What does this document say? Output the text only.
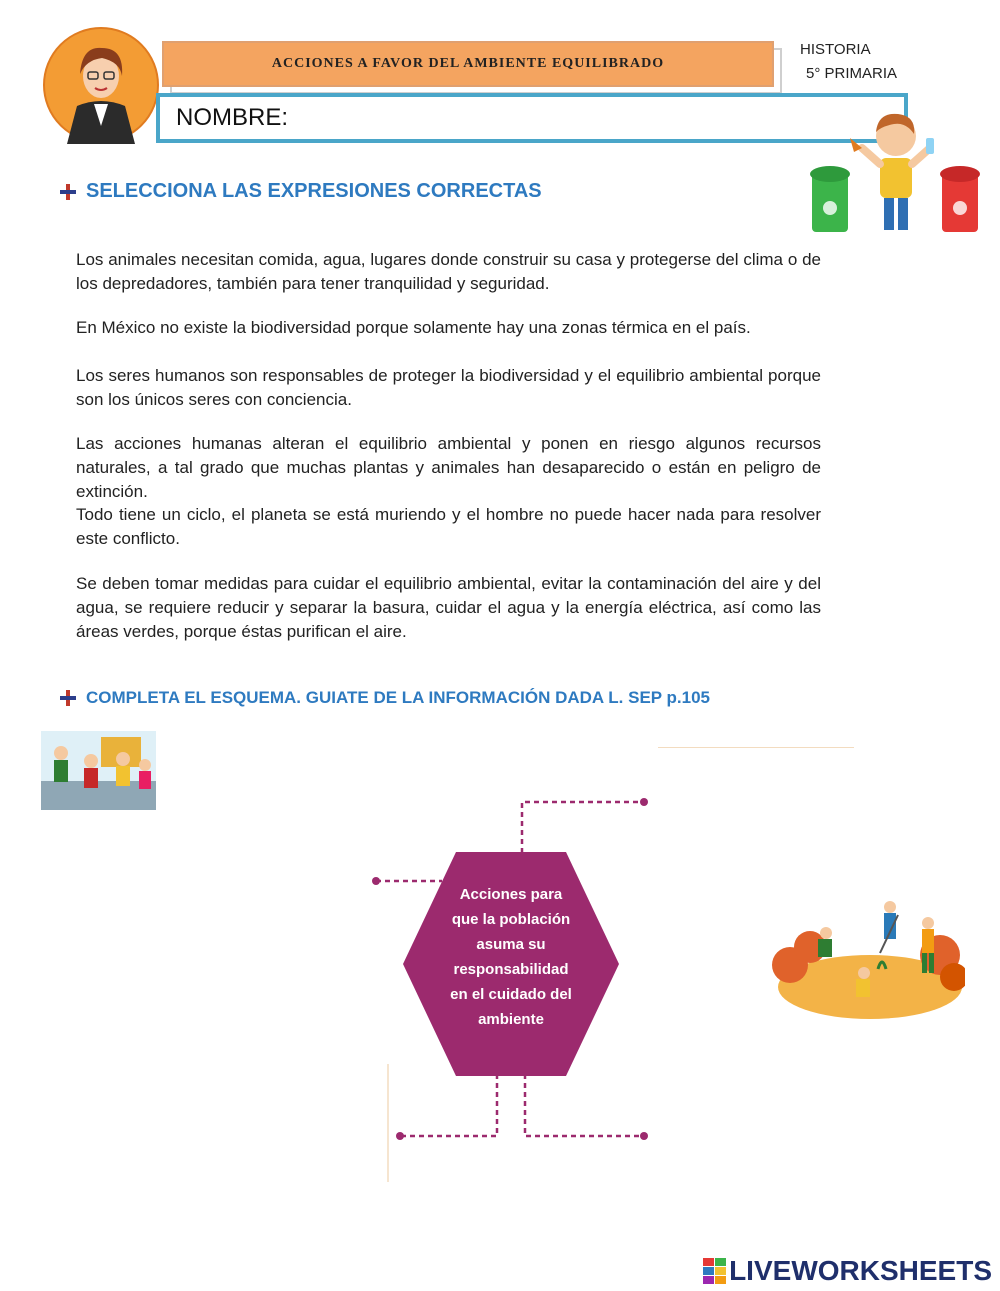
ACCIONES A FAVOR DEL AMBIENTE EQUILIBRADO
HISTORIA
5° PRIMARIA
NOMBRE:
SELECCIONA LAS EXPRESIONES CORRECTAS
Los animales necesitan comida, agua, lugares donde construir su casa y protegerse del clima o de los depredadores, también para tener tranquilidad y seguridad.
En México no existe la biodiversidad porque solamente hay una zonas térmica en el país.
Los seres humanos son responsables de proteger la biodiversidad y el equilibrio ambiental porque son los únicos seres con conciencia.
Las acciones humanas alteran el equilibrio ambiental y ponen en riesgo algunos recursos naturales, a tal grado que muchas plantas y animales han desaparecido o están en peligro de extinción.
Todo tiene un ciclo, el planeta se está muriendo y el hombre no puede hacer nada para resolver este conflicto.
Se deben tomar medidas para cuidar el equilibrio ambiental, evitar la contaminación del aire y del agua, se requiere reducir y separar la basura, cuidar el agua y la energía eléctrica, así como las áreas verdes, porque éstas purifican el aire.
COMPLETA EL ESQUEMA. GUIATE DE LA INFORMACIÓN DADA L. SEP p.105
Acciones para
que la población
asuma su
responsabilidad
en el cuidado del
ambiente
LIVEWORKSHEETS
